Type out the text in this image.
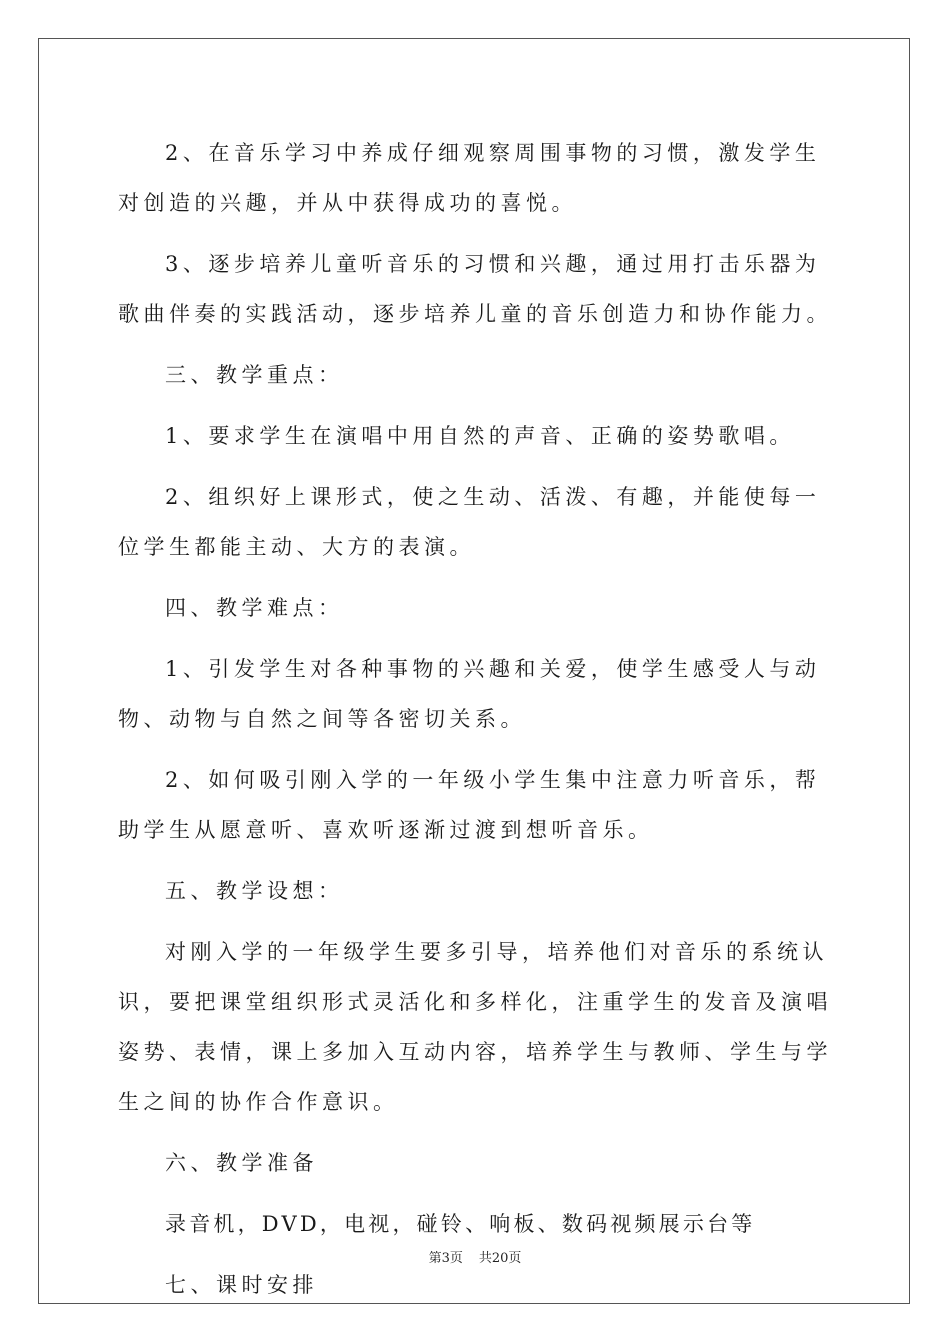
2、在音乐学习中养成仔细观察周围事物的习惯，激发学生对创造的兴趣，并从中获得成功的喜悦。

3、逐步培养儿童听音乐的习惯和兴趣，通过用打击乐器为歌曲伴奏的实践活动，逐步培养儿童的音乐创造力和协作能力。

三、教学重点：

1、要求学生在演唱中用自然的声音、正确的姿势歌唱。

2、组织好上课形式，使之生动、活泼、有趣，并能使每一位学生都能主动、大方的表演。

四、教学难点：

1、引发学生对各种事物的兴趣和关爱，使学生感受人与动物、动物与自然之间等各密切关系。

2、如何吸引刚入学的一年级小学生集中注意力听音乐，帮助学生从愿意听、喜欢听逐渐过渡到想听音乐。

五、教学设想：

对刚入学的一年级学生要多引导，培养他们对音乐的系统认识，要把课堂组织形式灵活化和多样化，注重学生的发音及演唱姿势、表情，课上多加入互动内容，培养学生与教师、学生与学生之间的协作合作意识。

六、教学准备

录音机，DVD，电视，碰铃、响板、数码视频展示台等

七、课时安排

第3页 共20页
